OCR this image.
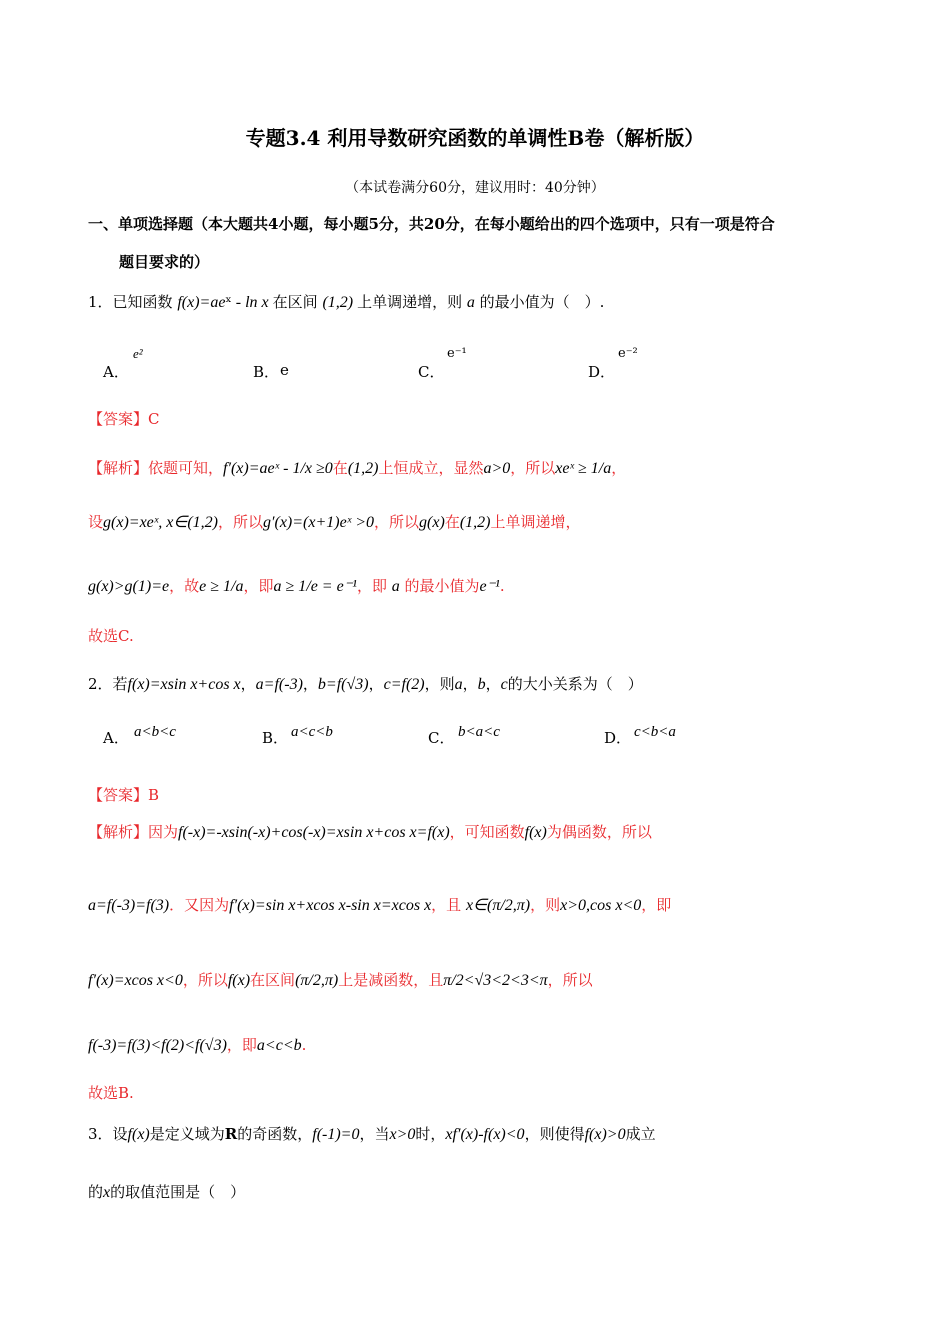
专题3.4 利用导数研究函数的单调性B卷（解析版）
（本试卷满分60分，建议用时：40分钟）
一、单项选择题（本大题共4小题，每小题5分，共20分，在每小题给出的四个选项中，只有一项是符合
题目要求的）
1．已知函数 f(x)=aeˣ - ln x 在区间 (1,2) 上单调递增，则 a 的最小值为（　）.
A．
e²
B． e	C．
e⁻¹
D．
e⁻²
【答案】C
【解析】依题可知，f′(x)=aeˣ - 1/x ≥0在(1,2)上恒成立，显然a>0，所以xeˣ ≥ 1/a，
设g(x)=xeˣ, x∈(1,2)，所以g′(x)=(x+1)eˣ >0，所以g(x)在(1,2)上单调递增，
g(x)>g(1)=e，故e ≥ 1/a，即a ≥ 1/e = e⁻¹，即 a 的最小值为e⁻¹.
故选C.
2．若f(x)=xsin x+cos x，a=f(-3)，b=f(√3)，c=f(2)，则a，b，c的大小关系为（　）
A． a<b<c	B． a<c<b	C． b<a<c	D． c<b<a
【答案】B
【解析】因为f(-x)=-xsin(-x)+cos(-x)=xsin x+cos x=f(x)，可知函数f(x)为偶函数，所以
a=f(-3)=f(3)．又因为f′(x)=sin x+xcos x-sin x=xcos x，且 x∈(π/2,π)，则x>0,cos x<0，即
f′(x)=xcos x<0，所以f(x)在区间(π/2,π)上是减函数，且π/2<√3<2<3<π，所以
f(-3)=f(3)<f(2)<f(√3)，即a<c<b.
故选B.
3．设f(x)是定义域为R的奇函数，f(-1)=0，当x>0时，xf′(x)-f(x)<0，则使得f(x)>0成立
的x的取值范围是（　）
